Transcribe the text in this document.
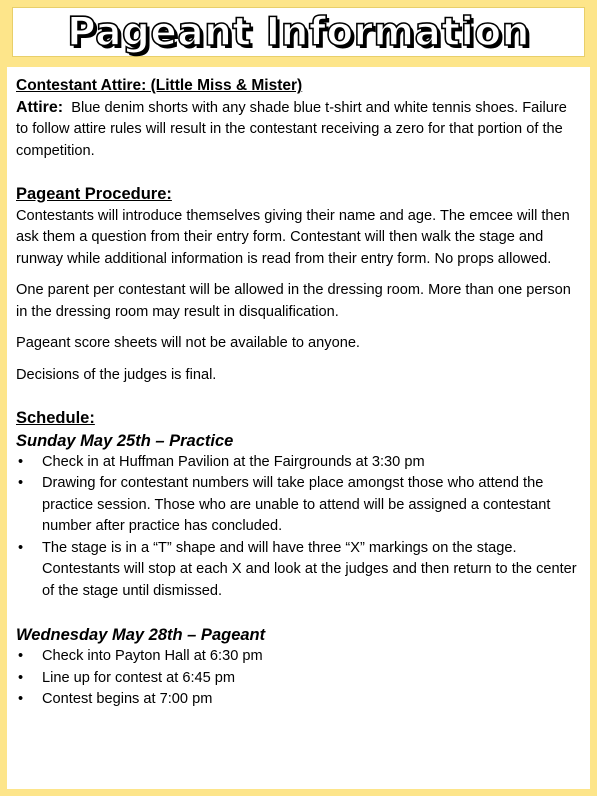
Pageant Information
Contestant Attire: (Little Miss & Mister)

Attire: Blue denim shorts with any shade blue t-shirt and white tennis shoes. Failure to follow attire rules will result in the contestant receiving a zero for that portion of the competition.

Pageant Procedure:

Contestants will introduce themselves giving their name and age. The emcee will then ask them a question from their entry form. Contestant will then walk the stage and runway while additional information is read from their entry form. No props allowed.

One parent per contestant will be allowed in the dressing room. More than one person in the dressing room may result in disqualification.

Pageant score sheets will not be available to anyone.

Decisions of the judges is final.

Schedule:
Sunday May 25th – Practice
• Check in at Huffman Pavilion at the Fairgrounds at 3:30 pm
• Drawing for contestant numbers will take place amongst those who attend the practice session. Those who are unable to attend will be assigned a contestant number after practice has concluded.
• The stage is in a “T” shape and will have three “X” markings on the stage. Contestants will stop at each X and look at the judges and then return to the center of the stage until dismissed.
Wednesday May 28th – Pageant
• Check into Payton Hall at 6:30 pm
• Line up for contest at 6:45 pm
• Contest begins at 7:00 pm
